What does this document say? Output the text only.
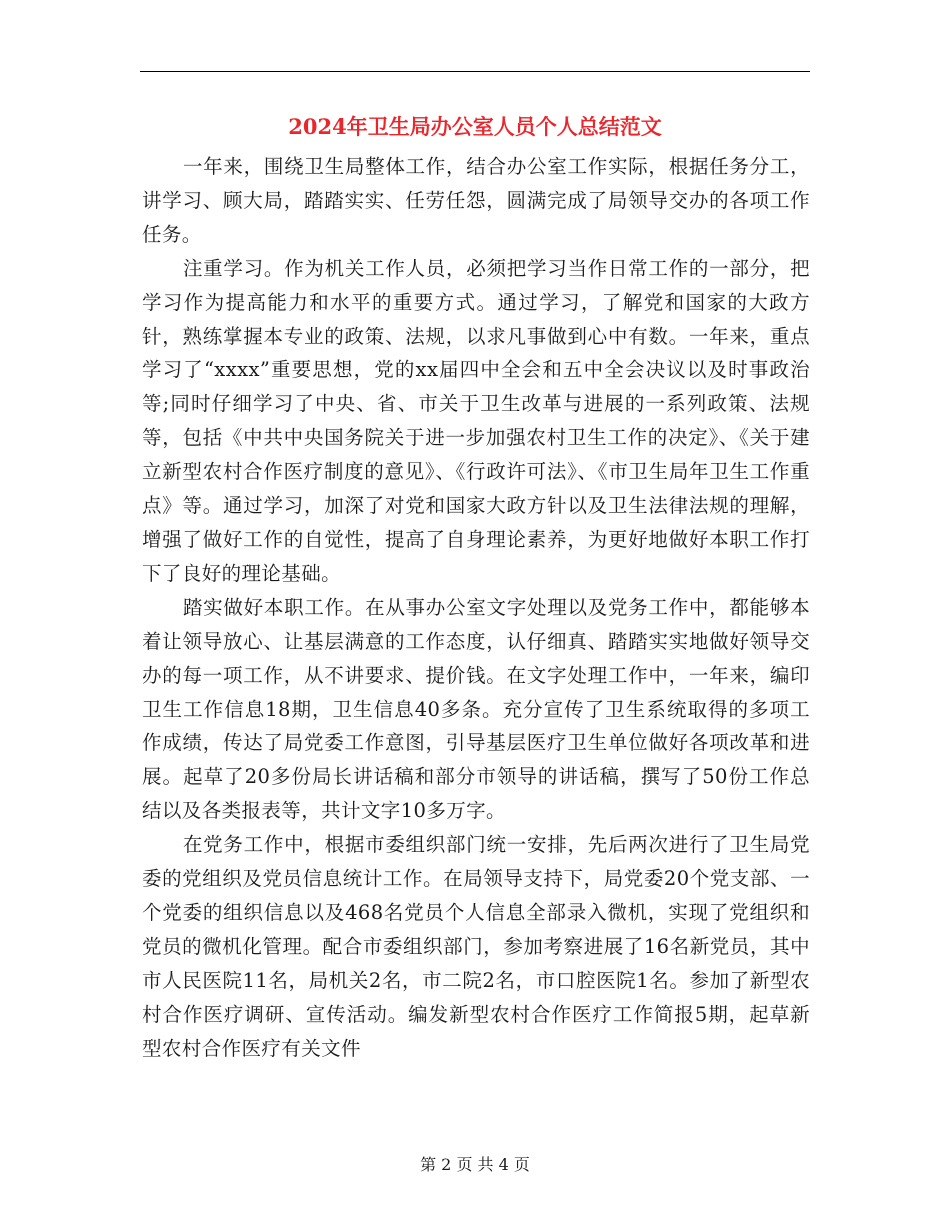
2024年卫生局办公室人员个人总结范文

一年来，围绕卫生局整体工作，结合办公室工作实际，根据任务分工，讲学习、顾大局，踏踏实实、任劳任怨，圆满完成了局领导交办的各项工作任务。

注重学习。作为机关工作人员，必须把学习当作日常工作的一部分，把学习作为提高能力和水平的重要方式。通过学习，了解党和国家的大政方针，熟练掌握本专业的政策、法规，以求凡事做到心中有数。一年来，重点学习了“xxxx”重要思想，党的xx届四中全会和五中全会决议以及时事政治等;同时仔细学习了中央、省、市关于卫生改革与进展的一系列政策、法规等，包括《中共中央国务院关于进一步加强农村卫生工作的决定》、《关于建立新型农村合作医疗制度的意见》、《行政许可法》、《市卫生局年卫生工作重点》等。通过学习，加深了对党和国家大政方针以及卫生法律法规的理解，增强了做好工作的自觉性，提高了自身理论素养，为更好地做好本职工作打下了良好的理论基础。

踏实做好本职工作。在从事办公室文字处理以及党务工作中，都能够本着让领导放心、让基层满意的工作态度，认仔细真、踏踏实实地做好领导交办的每一项工作，从不讲要求、提价钱。在文字处理工作中，一年来，编印卫生工作信息18期，卫生信息40多条。充分宣传了卫生系统取得的多项工作成绩，传达了局党委工作意图，引导基层医疗卫生单位做好各项改革和进展。起草了20多份局长讲话稿和部分市领导的讲话稿，撰写了50份工作总结以及各类报表等，共计文字10多万字。

在党务工作中，根据市委组织部门统一安排，先后两次进行了卫生局党委的党组织及党员信息统计工作。在局领导支持下，局党委20个党支部、一个党委的组织信息以及468名党员个人信息全部录入微机，实现了党组织和党员的微机化管理。配合市委组织部门，参加考察进展了16名新党员，其中市人民医院11名，局机关2名，市二院2名，市口腔医院1名。参加了新型农村合作医疗调研、宣传活动。编发新型农村合作医疗工作简报5期，起草新型农村合作医疗有关文件

第 2 页 共 4 页
